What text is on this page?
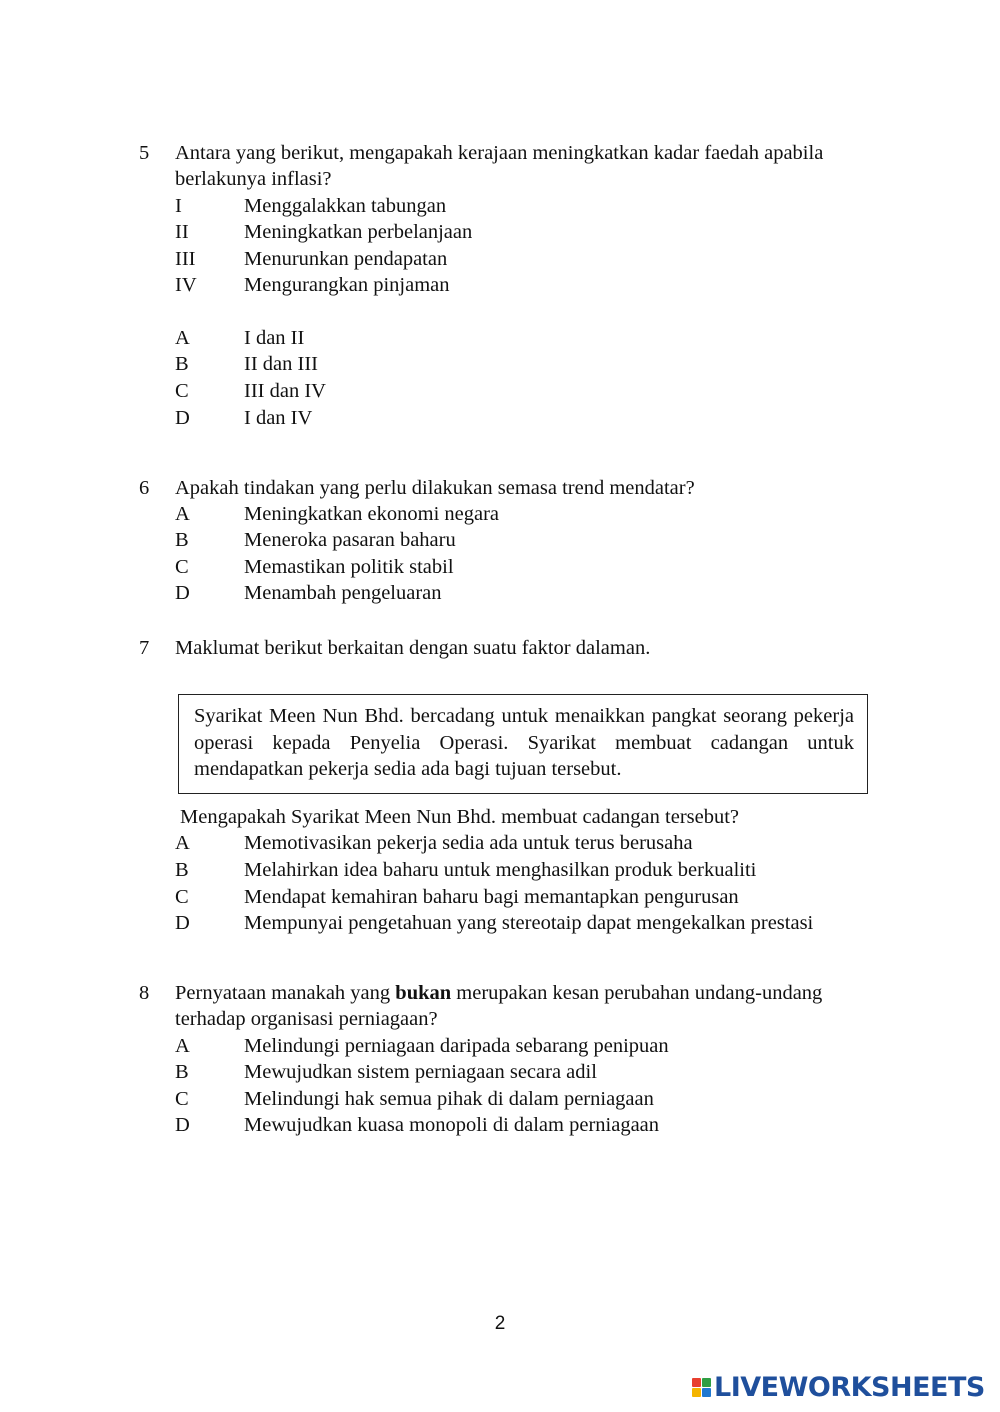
5 Antara yang berikut, mengapakah kerajaan meningkatkan kadar faedah apabila
berlakunya inflasi?
I	Menggalakkan tabungan
II	Meningkatkan perbelanjaan
III Menurunkan pendapatan
IV Mengurangkan pinjaman
A	I dan II
B	II dan III
C	III dan IV
D	I dan IV
6 Apakah tindakan yang perlu dilakukan semasa trend mendatar?
A	Meningkatkan ekonomi negara
B	Meneroka pasaran baharu
C	Memastikan politik stabil
D	Menambah pengeluaran
7 Maklumat berikut berkaitan dengan suatu faktor dalaman.
Syarikat Meen Nun Bhd. bercadang untuk menaikkan pangkat seorang pekerja
operasi kepada Penyelia Operasi. Syarikat membuat cadangan untuk
mendapatkan pekerja sedia ada bagi tujuan tersebut.
Mengapakah Syarikat Meen Nun Bhd. membuat cadangan tersebut?
A	Memotivasikan pekerja sedia ada untuk terus berusaha
B	Melahirkan idea baharu untuk menghasilkan produk berkualiti
C	Mendapat kemahiran baharu bagi memantapkan pengurusan
D	Mempunyai pengetahuan yang stereotaip dapat mengekalkan prestasi
8 Pernyataan manakah yang bukan merupakan kesan perubahan undang-undang
terhadap organisasi perniagaan?
A	Melindungi perniagaan daripada sebarang penipuan
B	Mewujudkan sistem perniagaan secara adil
C	Melindungi hak semua pihak di dalam perniagaan
D	Mewujudkan kuasa monopoli di dalam perniagaan
2
LIVEWORKSHEETS
